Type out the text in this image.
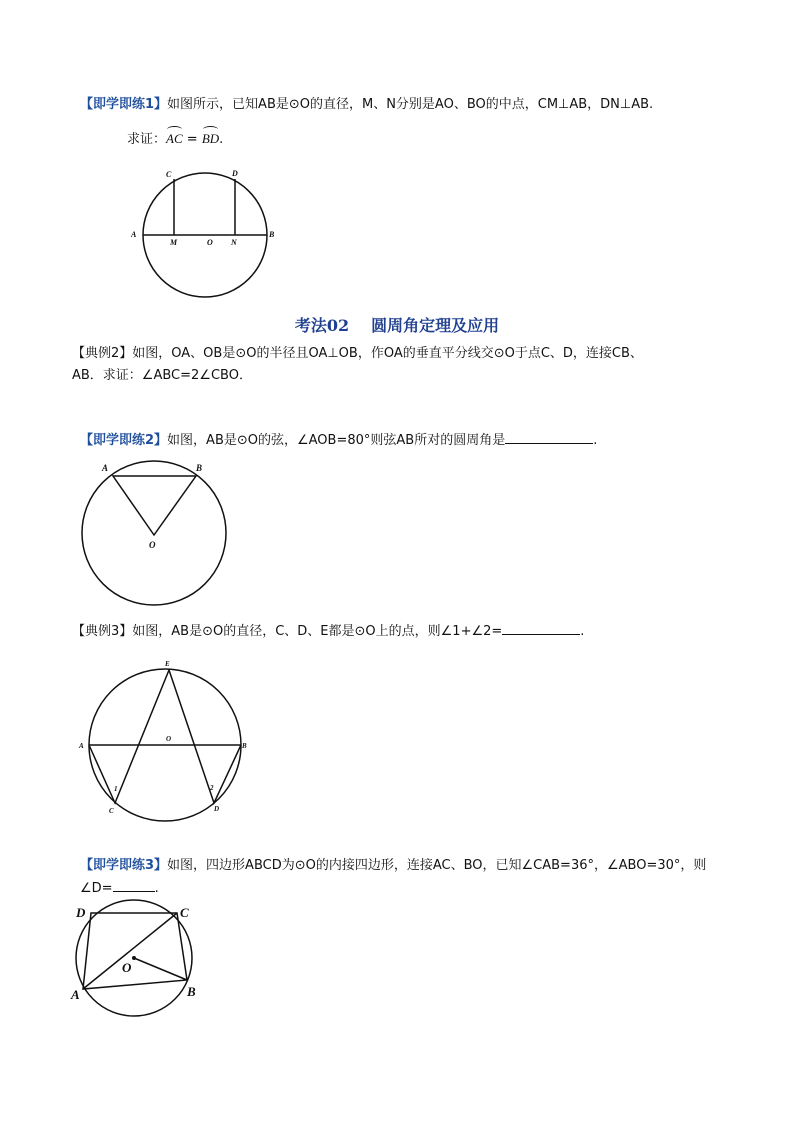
【即学即练1】如图所示，已知AB是⊙O的直径，M、N分别是AO、BO的中点，CM⊥AB，DN⊥AB.
求证：AC = BD.
A	B
C	D
M	O N
考法02 圆周角定理及应用
【典例2】如图，OA、OB是⊙O的半径且OA⊥OB，作OA的垂直平分线交⊙O于点C、D，连接CB、
AB．求证：∠ABC=2∠CBO．
【即学即练2】如图，AB是⊙O的弦，∠AOB=80°则弦AB所对的圆周角是	.
A	B
O
【典例3】如图，AB是⊙O的直径，C、D、E都是⊙O上的点，则∠1+∠2=	.
A	B
C	D
E
O
1	2
【即学即练3】如图，四边形ABCD为⊙O的内接四边形，连接AC、BO，已知∠CAB=36°，∠ABO=30°，则
∠D=	.
D	C
O
A	B
